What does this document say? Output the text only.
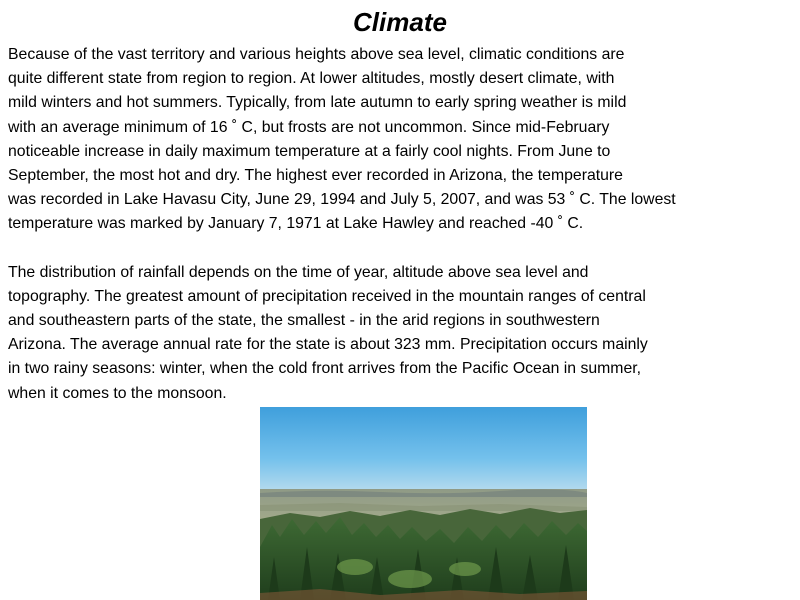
Climate
Because of the vast territory and various heights above sea level, climatic conditions are
quite different state from region to region. At lower altitudes, mostly desert climate, with
mild winters and hot summers. Typically, from late autumn to early spring weather is mild
with an average minimum of 16 ˚ C, but frosts are not uncommon. Since mid-February
noticeable increase in daily maximum temperature at a fairly cool nights. From June to
September, the most hot and dry. The highest ever recorded in Arizona, the temperature
was recorded in Lake Havasu City, June 29, 1994 and July 5, 2007, and was 53 ˚ C. The lowest
temperature was marked by January 7, 1971 at Lake Hawley and reached -40 ˚ C.
The distribution of rainfall depends on the time of year, altitude above sea level and
topography. The greatest amount of precipitation received in the mountain ranges of central
and southeastern parts of the state, the smallest - in the arid regions in southwestern
Arizona. The average annual rate for the state is about 323 mm. Precipitation occurs mainly
in two rainy seasons: winter, when the cold front arrives from the Pacific Ocean in summer,
when it comes to the monsoon.
